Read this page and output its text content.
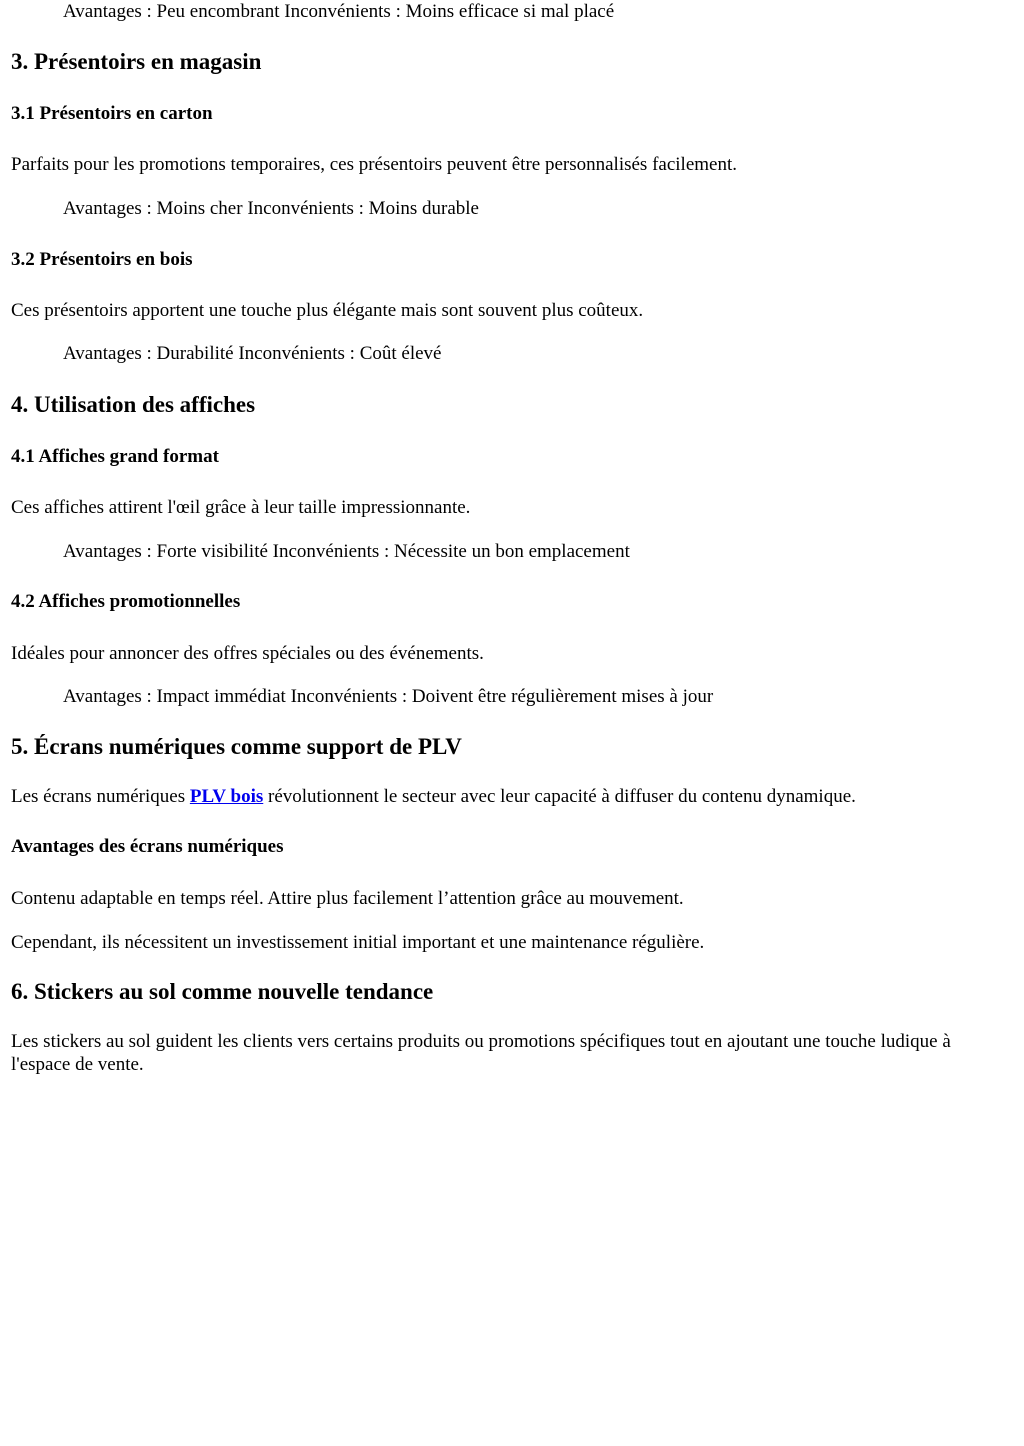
Avantages : Peu encombrant Inconvénients : Moins efficace si mal placé

3. Présentoirs en magasin
3.1 Présentoirs en carton

Parfaits pour les promotions temporaires, ces présentoirs peuvent être personnalisés facilement.

Avantages : Moins cher Inconvénients : Moins durable

3.2 Présentoirs en bois

Ces présentoirs apportent une touche plus élégante mais sont souvent plus coûteux.

Avantages : Durabilité Inconvénients : Coût élevé

4. Utilisation des affiches
4.1 Affiches grand format

Ces affiches attirent l'œil grâce à leur taille impressionnante.

Avantages : Forte visibilité Inconvénients : Nécessite un bon emplacement

4.2 Affiches promotionnelles

Idéales pour annoncer des offres spéciales ou des événements.

Avantages : Impact immédiat Inconvénients : Doivent être régulièrement mises à jour

5. Écrans numériques comme support de PLV

Les écrans numériques PLV bois révolutionnent le secteur avec leur capacité à diffuser du contenu dynamique.

Avantages des écrans numériques

Contenu adaptable en temps réel. Attire plus facilement l’attention grâce au mouvement.

Cependant, ils nécessitent un investissement initial important et une maintenance régulière.

6. Stickers au sol comme nouvelle tendance

Les stickers au sol guident les clients vers certains produits ou promotions spécifiques tout en ajoutant une touche ludique à l'espace de vente.
